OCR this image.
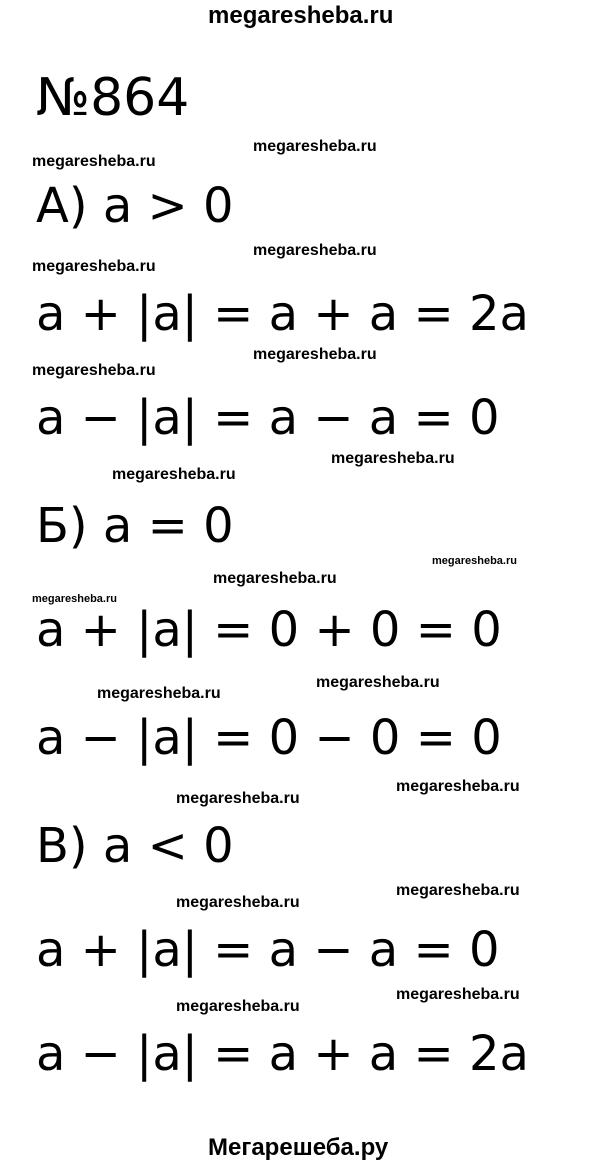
megaresheba.ru
№864
megaresheba.ru
megaresheba.ru
megaresheba.ru
megaresheba.ru
megaresheba.ru
megaresheba.ru
megaresheba.ru
megaresheba.ru
megaresheba.ru
megaresheba.ru
megaresheba.ru
megaresheba.ru
megaresheba.ru
megaresheba.ru
megaresheba.ru
megaresheba.ru
megaresheba.ru
megaresheba.ru
megaresheba.ru
А) a > 0
a + |a| = a + a = 2a
a − |a| = a − a = 0
Б) a = 0
a + |a| = 0 + 0 = 0
a − |a| = 0 − 0 = 0
В) a < 0
a + |a| = a − a = 0
a − |a| = a + a = 2a
Мегарешеба.ру
